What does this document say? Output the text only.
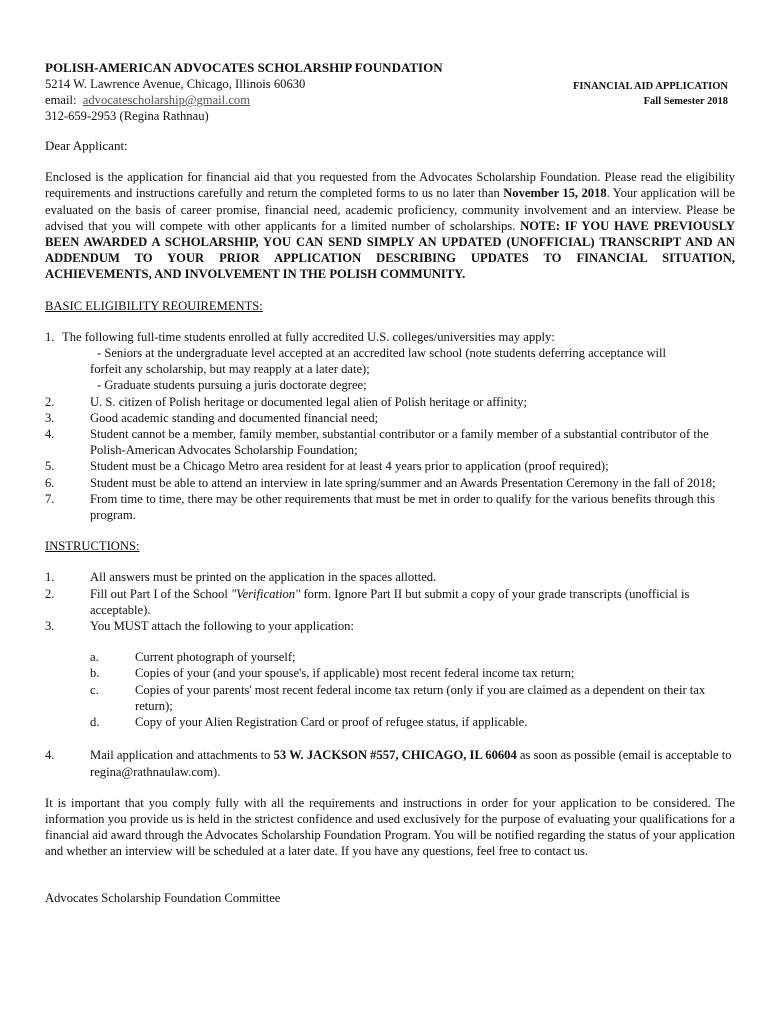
POLISH-AMERICAN ADVOCATES SCHOLARSHIP FOUNDATION
5214 W. Lawrence Avenue, Chicago, Illinois 60630
email: advocatescholarship@gmail.com
312-659-2953 (Regina Rathnau)
FINANCIAL AID APPLICATION
Fall Semester 2018
Dear Applicant:
Enclosed is the application for financial aid that you requested from the Advocates Scholarship Foundation. Please read the eligibility requirements and instructions carefully and return the completed forms to us no later than November 15, 2018. Your application will be evaluated on the basis of career promise, financial need, academic proficiency, community involvement and an interview. Please be advised that you will compete with other applicants for a limited number of scholarships. NOTE: IF YOU HAVE PREVIOUSLY BEEN AWARDED A SCHOLARSHIP, YOU CAN SEND SIMPLY AN UPDATED (UNOFFICIAL) TRANSCRIPT AND AN ADDENDUM TO YOUR PRIOR APPLICATION DESCRIBING UPDATES TO FINANCIAL SITUATION, ACHIEVEMENTS, AND INVOLVEMENT IN THE POLISH COMMUNITY.
BASIC ELIGIBILITY REOUIREMENTS:
1. The following full-time students enrolled at fully accredited U.S. colleges/universities may apply:
- Seniors at the undergraduate level accepted at an accredited law school (note students deferring acceptance will
forfeit any scholarship, but may reapply at a later date);
- Graduate students pursuing a juris doctorate degree;
2.	U. S. citizen of Polish heritage or documented legal alien of Polish heritage or affinity;
3.	Good academic standing and documented financial need;
4.	Student cannot be a member, family member, substantial contributor or a family member of a substantial contributor of the Polish-American Advocates Scholarship Foundation;
5.	Student must be a Chicago Metro area resident for at least 4 years prior to application (proof required);
6.	Student must be able to attend an interview in late spring/summer and an Awards Presentation Ceremony in the fall of 2018;
7.	From time to time, there may be other requirements that must be met in order to qualify for the various benefits through this program.
INSTRUCTIONS:
1.	All answers must be printed on the application in the spaces allotted.
2.	Fill out Part I of the School "Verification" form. Ignore Part II but submit a copy of your grade transcripts (unofficial is acceptable).
3.	You MUST attach the following to your application:
a.	Current photograph of yourself;
b.	Copies of your (and your spouse's, if applicable) most recent federal income tax return;
c.	Copies of your parents' most recent federal income tax return (only if you are claimed as a dependent on their tax return);
d.	Copy of your Alien Registration Card or proof of refugee status, if applicable.
4.	Mail application and attachments to 53 W. JACKSON #557, CHICAGO, IL 60604 as soon as possible (email is acceptable to regina@rathnaulaw.com).
It is important that you comply fully with all the requirements and instructions in order for your application to be considered. The information you provide us is held in the strictest confidence and used exclusively for the purpose of evaluating your qualifications for a financial aid award through the Advocates Scholarship Foundation Program. You will be notified regarding the status of your application and whether an interview will be scheduled at a later date. If you have any questions, feel free to contact us.
Advocates Scholarship Foundation Committee
